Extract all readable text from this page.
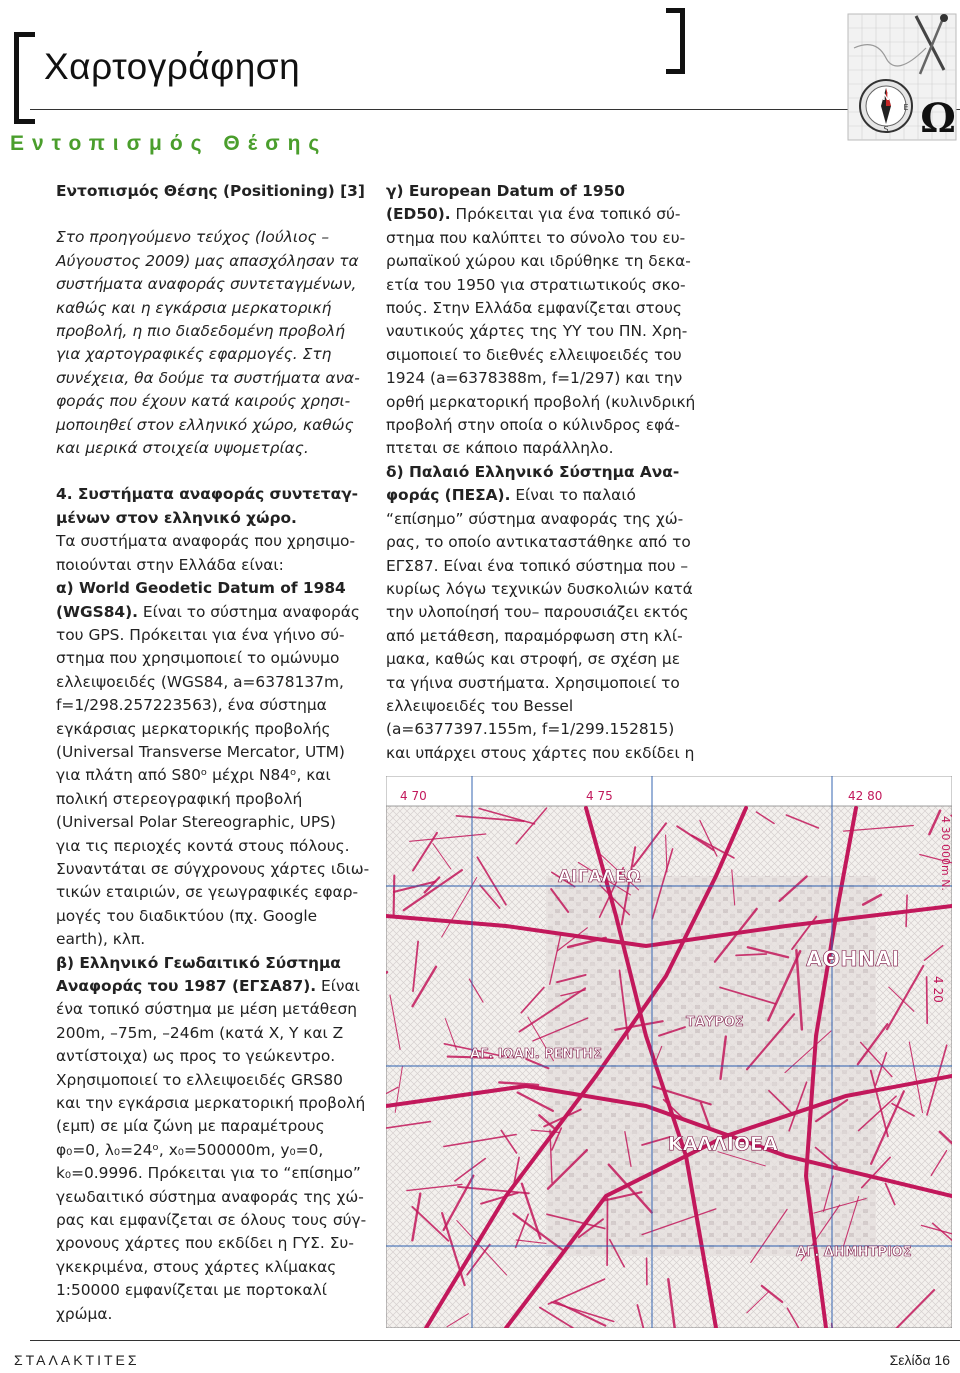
Χαρτογράφηση
Εντοπισμός Θέσης
N
E
S Ω

Εντοπισμός Θέσης (Positioning) [3]

Στο προηγούμενο τεύχος (Ιούλιος –

Αύγουστος 2009) μας απασχόλησαν τα

συστήματα αναφοράς συντεταγμένων,

καθώς και η εγκάρσια μερκατορική

προβολή, η πιο διαδεδομένη προβολή

για χαρτογραφικές εφαρμογές. Στη

συνέχεια, θα δούμε τα συστήματα ανα-

φοράς που έχουν κατά καιρούς χρησι-

μοποιηθεί στον ελληνικό χώρο, καθώς

και μερικά στοιχεία υψομετρίας.

4. Συστήματα αναφοράς συντεταγ-

μένων στον ελληνικό χώρο.

Τα συστήματα αναφοράς που χρησιμο-

ποιούνται στην Ελλάδα είναι:

α) World Geodetic Datum of 1984

(WGS84). Είναι το σύστημα αναφοράς

του GPS. Πρόκειται για ένα γήινο σύ-

στημα που χρησιμοποιεί το ομώνυμο

ελλειψοειδές (WGS84, a=6378137m,

f=1/298.257223563), ένα σύστημα

εγκάρσιας μερκατορικής προβολής

(Universal Transverse Mercator, UTM)

για πλάτη από S80ᵒ μέχρι N84ᵒ, και

πολική στερεογραφική προβολή

(Universal Polar Stereographic, UPS)

για τις περιοχές κοντά στους πόλους.

Συναντάται σε σύγχρονους χάρτες ιδιω-

τικών εταιριών, σε γεωγραφικές εφαρ-

μογές του διαδικτύου (πχ. Google

earth), κλπ.

β) Ελληνικό Γεωδαιτικό Σύστημα

Αναφοράς του 1987 (ΕΓΣΑ87). Είναι

ένα τοπικό σύστημα με μέση μετάθεση

200m, –75m, –246m (κατά X, Y και Z

αντίστοιχα) ως προς το γεώκεντρο.

Χρησιμοποιεί το ελλειψοειδές GRS80

και την εγκάρσια μερκατορική προβολή

(εμπ) σε μία ζώνη με παραμέτρους

φ₀=0, λ₀=24ᵒ, x₀=500000m, y₀=0,

k₀=0.9996. Πρόκειται για το “επίσημο”

γεωδαιτικό σύστημα αναφοράς της χώ-

ρας και εμφανίζεται σε όλους τους σύγ-

χρονους χάρτες που εκδίδει η ΓΥΣ. Συ-

γκεκριμένα, στους χάρτες κλίμακας

1:50000 εμφανίζεται με πορτοκαλί

χρώμα.

γ) European Datum of 1950

(ED50). Πρόκειται για ένα τοπικό σύ-

στημα που καλύπτει το σύνολο του ευ-

ρωπαϊκού χώρου και ιδρύθηκε τη δεκα-

ετία του 1950 για στρατιωτικούς σκο-

πούς. Στην Ελλάδα εμφανίζεται στους

ναυτικούς χάρτες της ΥΥ του ΠΝ. Χρη-

σιμοποιεί το διεθνές ελλειψοειδές του

1924 (a=6378388m, f=1/297) και την

ορθή μερκατορική προβολή (κυλινδρική

προβολή στην οποία ο κύλινδρος εφά-

πτεται σε κάποιο παράλληλο.

δ) Παλαιό Ελληνικό Σύστημα Ανα-

φοράς (ΠΕΣΑ). Είναι το παλαιό

“επίσημο” σύστημα αναφοράς της χώ-

ρας, το οποίο αντικαταστάθηκε από το

ΕΓΣ87. Είναι ένα τοπικό σύστημα που –

κυρίως λόγω τεχνικών δυσκολιών κατά

την υλοποίησή του– παρουσιάζει εκτός

από μετάθεση, παραμόρφωση στη κλί-

μακα, καθώς και στροφή, σε σχέση με

τα γήινα συστήματα. Χρησιμοποιεί το

ελλειψοειδές του Bessel

(a=6377397.155m, f=1/299.152815)

και υπάρχει στους χάρτες που εκδίδει η

4 70	4 75	42 80
4 30 000m N.
4 20
ΑΙΓΑΛΕΩ
ΑΘΗΝΑΙ
ΤΑΥΡΟΣ
ΑΓ. ΙΩΑΝ. ΡΕΝΤΗΣ
ΚΑΛΛΙΘΕΑ
ΑΓ. ΔΗΜΗΤΡΙΟΣ
ΣΤΑΛΑΚΤΙΤΕΣ	Σελίδα 16
